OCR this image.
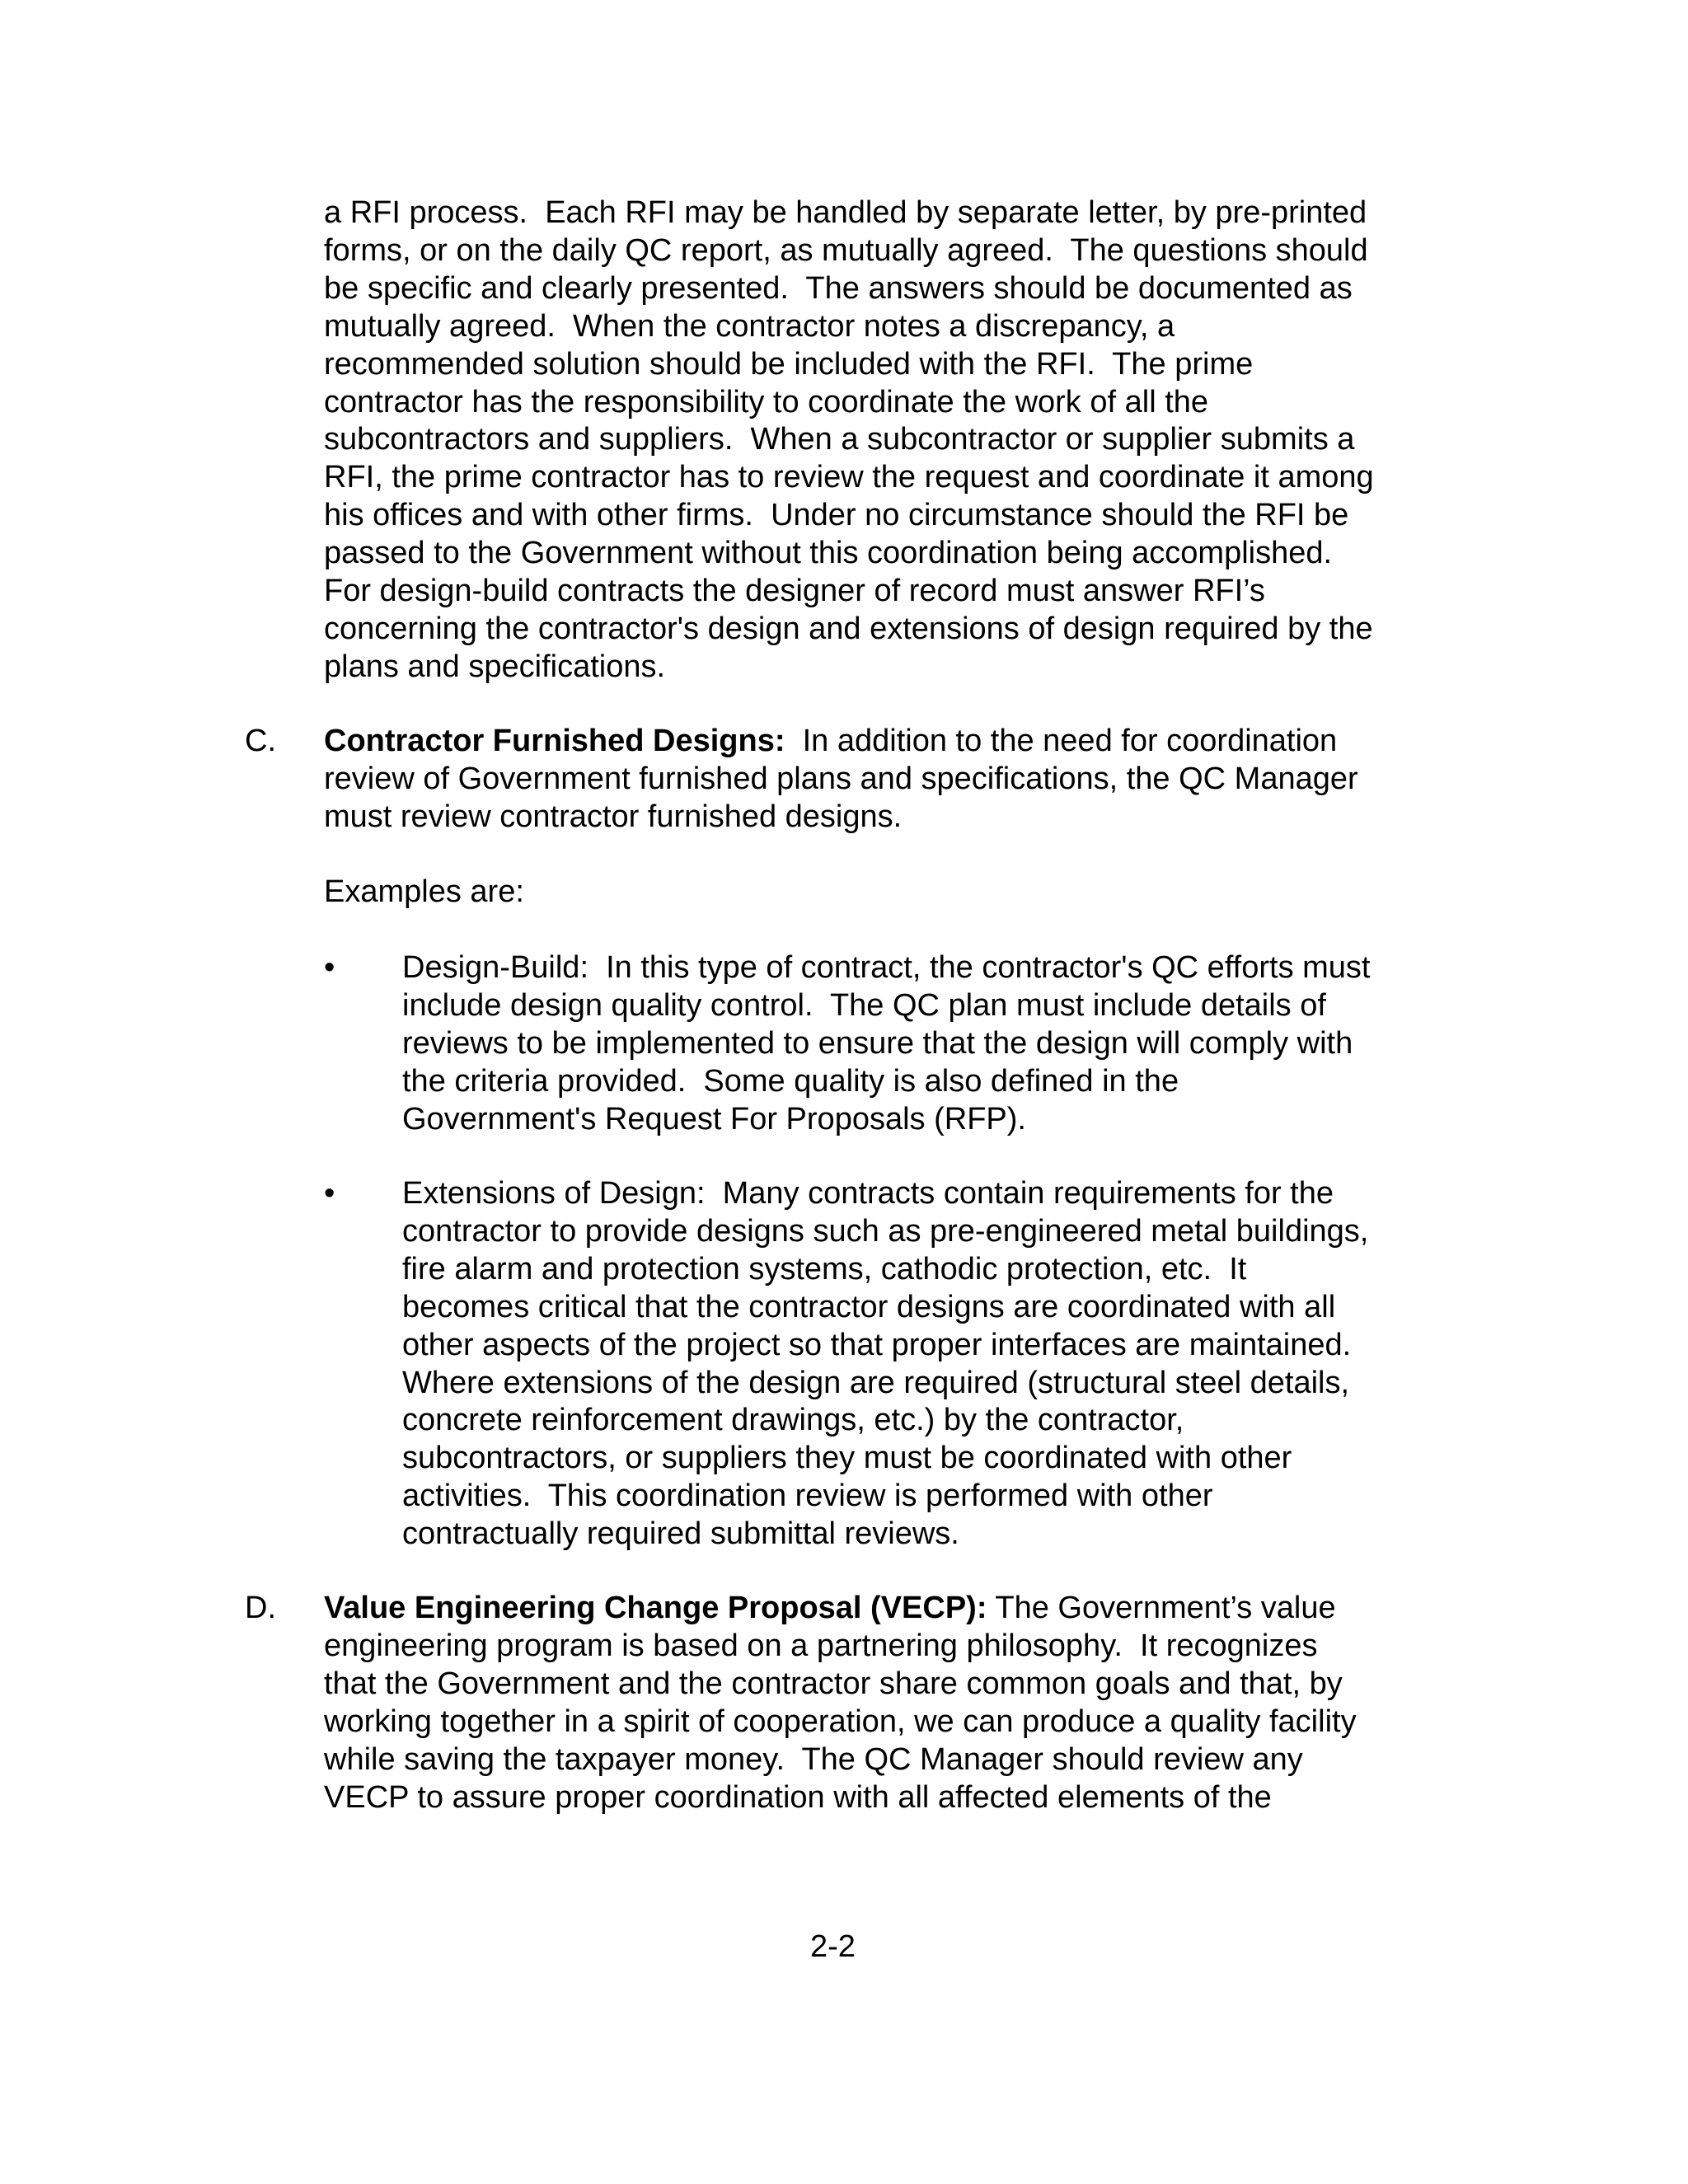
a RFI process.  Each RFI may be handled by separate letter, by pre-printed
forms, or on the daily QC report, as mutually agreed.  The questions should
be specific and clearly presented.  The answers should be documented as
mutually agreed.  When the contractor notes a discrepancy, a
recommended solution should be included with the RFI.  The prime
contractor has the responsibility to coordinate the work of all the
subcontractors and suppliers.  When a subcontractor or supplier submits a
RFI, the prime contractor has to review the request and coordinate it among
his offices and with other firms.  Under no circumstance should the RFI be
passed to the Government without this coordination being accomplished.
For design-build contracts the designer of record must answer RFI’s
concerning the contractor's design and extensions of design required by the
plans and specifications.
C. Contractor Furnished Designs:  In addition to the need for coordination
review of Government furnished plans and specifications, the QC Manager
must review contractor furnished designs.
Examples are:
• Design-Build:  In this type of contract, the contractor's QC efforts must
include design quality control.  The QC plan must include details of
reviews to be implemented to ensure that the design will comply with
the criteria provided.  Some quality is also defined in the
Government's Request For Proposals (RFP).
• Extensions of Design:  Many contracts contain requirements for the
contractor to provide designs such as pre-engineered metal buildings,
fire alarm and protection systems, cathodic protection, etc.  It
becomes critical that the contractor designs are coordinated with all
other aspects of the project so that proper interfaces are maintained.
Where extensions of the design are required (structural steel details,
concrete reinforcement drawings, etc.) by the contractor,
subcontractors, or suppliers they must be coordinated with other
activities.  This coordination review is performed with other
contractually required submittal reviews.
D. Value Engineering Change Proposal (VECP): The Government’s value
engineering program is based on a partnering philosophy.  It recognizes
that the Government and the contractor share common goals and that, by
working together in a spirit of cooperation, we can produce a quality facility
while saving the taxpayer money.  The QC Manager should review any
VECP to assure proper coordination with all affected elements of the
2-2
